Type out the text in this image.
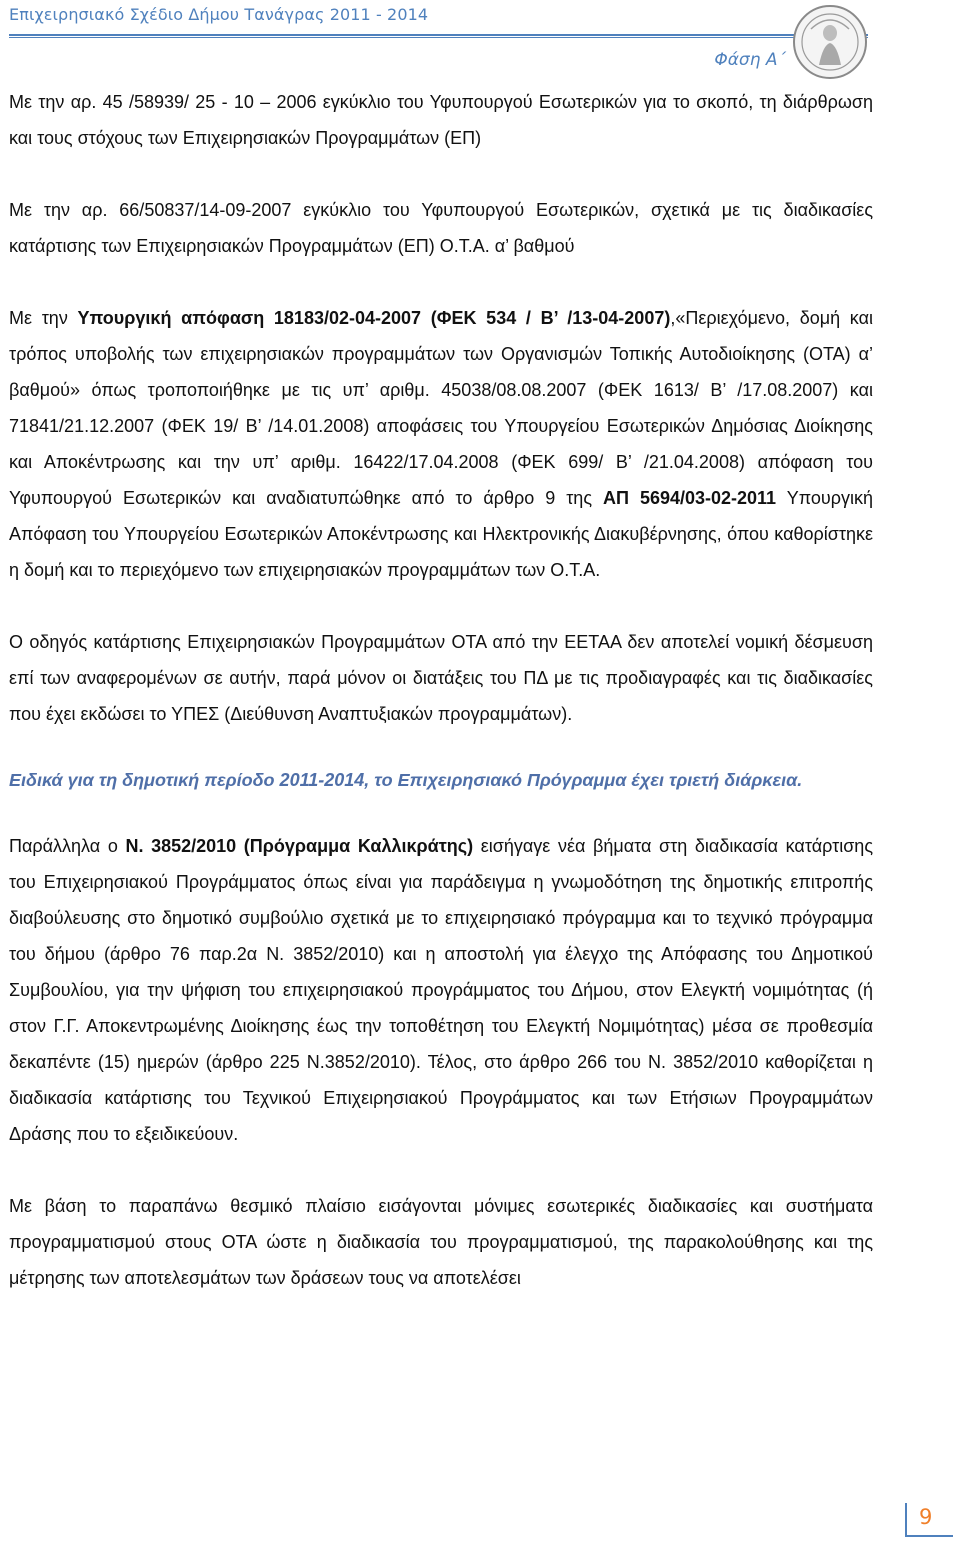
Επιχειρησιακό Σχέδιο Δήμου Τανάγρας 2011 - 2014
Φάση Α΄

Με την αρ. 45 /58939/ 25 - 10 – 2006 εγκύκλιο του Υφυπουργού Εσωτερικών για το σκοπό, τη διάρθρωση και τους στόχους των Επιχειρησιακών Προγραμμάτων (ΕΠ)

Με την αρ. 66/50837/14-09-2007 εγκύκλιο του Υφυπουργού Εσωτερικών, σχετικά με τις διαδικασίες κατάρτισης των Επιχειρησιακών Προγραμμάτων (ΕΠ) Ο.Τ.Α. α’ βαθμού

Με την Υπουργική απόφαση 18183/02-04-2007 (ΦΕΚ 534 / Β’ /13-04-2007),«Περιεχόμενο, δομή και τρόπος υποβολής των επιχειρησιακών προγραμμάτων των Οργανισμών Τοπικής Αυτοδιοίκησης (ΟΤΑ) α’ βαθμού» όπως τροποποιήθηκε με τις υπ’ αριθμ. 45038/08.08.2007 (ΦΕΚ 1613/ Β’ /17.08.2007) και 71841/21.12.2007 (ΦΕΚ 19/ Β’ /14.01.2008) αποφάσεις του Υπουργείου Εσωτερικών Δημόσιας Διοίκησης και Αποκέντρωσης και την υπ’ αριθμ. 16422/17.04.2008 (ΦΕΚ 699/ Β’ /21.04.2008) απόφαση του Υφυπουργού Εσωτερικών και αναδιατυπώθηκε από το άρθρο 9 της ΑΠ 5694/03-02-2011 Υπουργική Απόφαση του Υπουργείου Εσωτερικών Αποκέντρωσης και Ηλεκτρονικής Διακυβέρνησης, όπου καθορίστηκε η δομή και το περιεχόμενο των επιχειρησιακών προγραμμάτων των Ο.Τ.Α.

Ο οδηγός κατάρτισης Επιχειρησιακών Προγραμμάτων ΟΤΑ από την ΕΕΤΑΑ δεν αποτελεί νομική δέσμευση επί των αναφερομένων σε αυτήν, παρά μόνον οι διατάξεις του ΠΔ με τις προδιαγραφές και τις διαδικασίες που έχει εκδώσει το ΥΠΕΣ (Διεύθυνση Αναπτυξιακών προγραμμάτων).

Ειδικά για τη δημοτική περίοδο 2011-2014, το Επιχειρησιακό Πρόγραμμα έχει τριετή διάρκεια.

Παράλληλα ο Ν. 3852/2010 (Πρόγραμμα Καλλικράτης) εισήγαγε νέα βήματα στη διαδικασία κατάρτισης του Επιχειρησιακού Προγράμματος όπως είναι για παράδειγμα η γνωμοδότηση της δημοτικής επιτροπής διαβούλευσης στο δημοτικό συμβούλιο σχετικά με το επιχειρησιακό πρόγραμμα και το τεχνικό πρόγραμμα του δήμου (άρθρο 76 παρ.2α Ν. 3852/2010) και η αποστολή για έλεγχο της Απόφασης του Δημοτικού Συμβουλίου, για την ψήφιση του επιχειρησιακού προγράμματος του Δήμου, στον Ελεγκτή νομιμότητας (ή στον Γ.Γ. Αποκεντρωμένης Διοίκησης έως την τοποθέτηση του Ελεγκτή Νομιμότητας) μέσα σε προθεσμία δεκαπέντε (15) ημερών (άρθρο 225 Ν.3852/2010). Τέλος, στο άρθρο 266 του Ν. 3852/2010 καθορίζεται η διαδικασία κατάρτισης του Τεχνικού Επιχειρησιακού Προγράμματος και των Ετήσιων Προγραμμάτων Δράσης που το εξειδικεύουν.

Με βάση το παραπάνω θεσμικό πλαίσιο εισάγονται μόνιμες εσωτερικές διαδικασίες και συστήματα προγραμματισμού στους ΟΤΑ ώστε η διαδικασία του προγραμματισμού, της παρακολούθησης και της μέτρησης των αποτελεσμάτων των δράσεων τους να αποτελέσει

9
